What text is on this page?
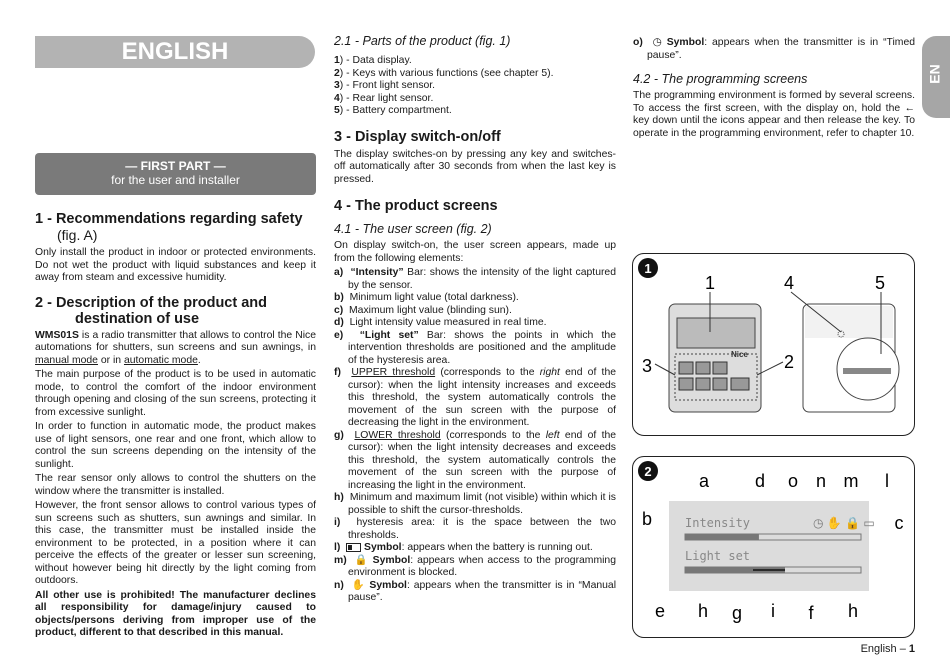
ENGLISH
— FIRST PART —
for the user and installer
1 - Recommendations regarding safety
(fig. A)

Only install the product in indoor or protected environments. Do not wet the product with liquid substances and keep it away from steam and excessive humidity.

2 - Description of the product and
destination of use

WMS01S is a radio transmitter that allows to control the Nice automations for shutters, sun screens and sun awnings, in manual mode or in automatic mode.

The main purpose of the product is to be used in automatic mode, to control the comfort of the indoor environment through opening and closing of the sun screens, protecting it from excessive sunlight.

In order to function in automatic mode, the product makes use of light sensors, one rear and one front, which allow to control the sun screens depending on the intensity of the sunlight.

The rear sensor only allows to control the shutters on the window where the transmitter is installed.

However, the front sensor allows to control various types of sun screens such as shutters, sun awnings and similar. In this case, the transmitter must be installed inside the environment to be protected, in a position where it can perceive the effects of the greater or lesser sun screening, without however being hit directly by the light coming from outdoors.

All other use is prohibited! The manufacturer declines all responsibility for damage/injury caused to objects/persons deriving from improper use of the product, different to that described in this manual.

2.1 - Parts of the product (fig. 1)
1) - Data display.
2) - Keys with various functions (see chapter 5).
3) - Front light sensor.
4) - Rear light sensor.
5) - Battery compartment.
3 - Display switch-on/off

The display switches-on by pressing any key and switches-off automatically after 30 seconds from when the last key is pressed.

4 - The product screens
4.1 - The user screen (fig. 2)

On display switch-on, the user screen appears, made up from the following elements:

a) “Intensity” Bar: shows the intensity of the light captured by the sensor.

b) Minimum light value (total darkness).

c) Maximum light value (blinding sun).

d) Light intensity value measured in real time.

e) “Light set” Bar: shows the points in which the intervention thresholds are positioned and the amplitude of the hysteresis area.

f) UPPER threshold (corresponds to the right end of the cursor): when the light intensity increases and exceeds this threshold, the system automatically controls the movement of the sun screen with the purpose of decreasing the light in the environment.

g) LOWER threshold (corresponds to the left end of the cursor): when the light intensity decreases and exceeds this threshold, the system automatically controls the movement of the sun screen with the purpose of increasing the light in the environment.

h) Minimum and maximum limit (not visible) within which it is possible to shift the cursor-thresholds.

i) hysteresis area: it is the space between the two thresholds.

l) Symbol: appears when the battery is running out.

m) 🔒 Symbol: appears when access to the programming environment is blocked.

n) ✋ Symbol: appears when the transmitter is in “Manual pause”.

o) ◷ Symbol: appears when the transmitter is in “Timed pause”.

4.2 - The programming screens

The programming environment is formed by several screens. To access the first screen, with the display on, hold the ← key down until the icons appear and then release the key. To operate in the programming environment, refer to chapter 10.

EN
1
Nice
1	4	5
3	2
2
Intensity
Light set
◷ ✋ 🔒 ▭
a	d o n m l
b	c
e h g i f h
English – 1
